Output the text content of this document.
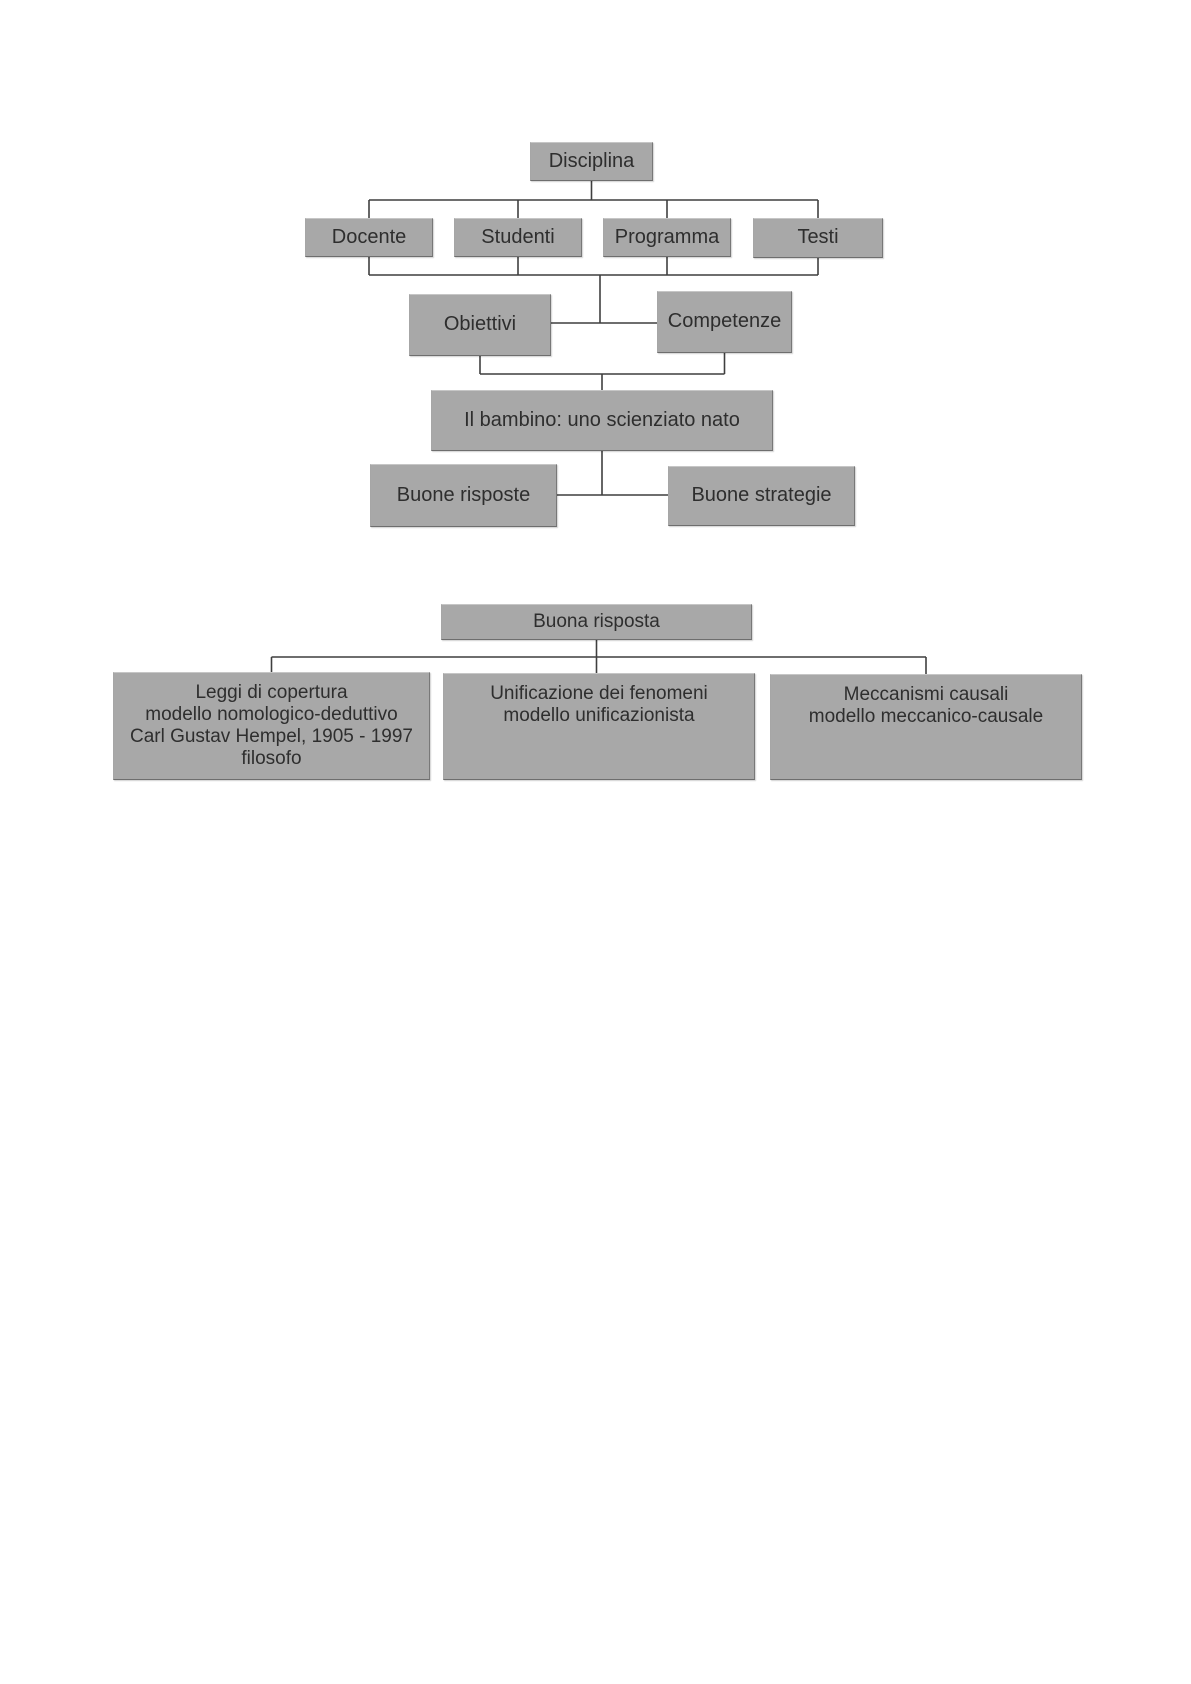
Disciplina
Docente	Studenti	Programma	Testi
Obiettivi	Competenze
Il bambino: uno scienziato nato
Buone risposte	Buone strategie
Buona risposta
Leggi di copertura
modello nomologico-deduttivo
Carl Gustav Hempel, 1905 - 1997
filosofo
Unificazione dei fenomeni
modello unificazionista
Meccanismi causali
modello meccanico-causale
